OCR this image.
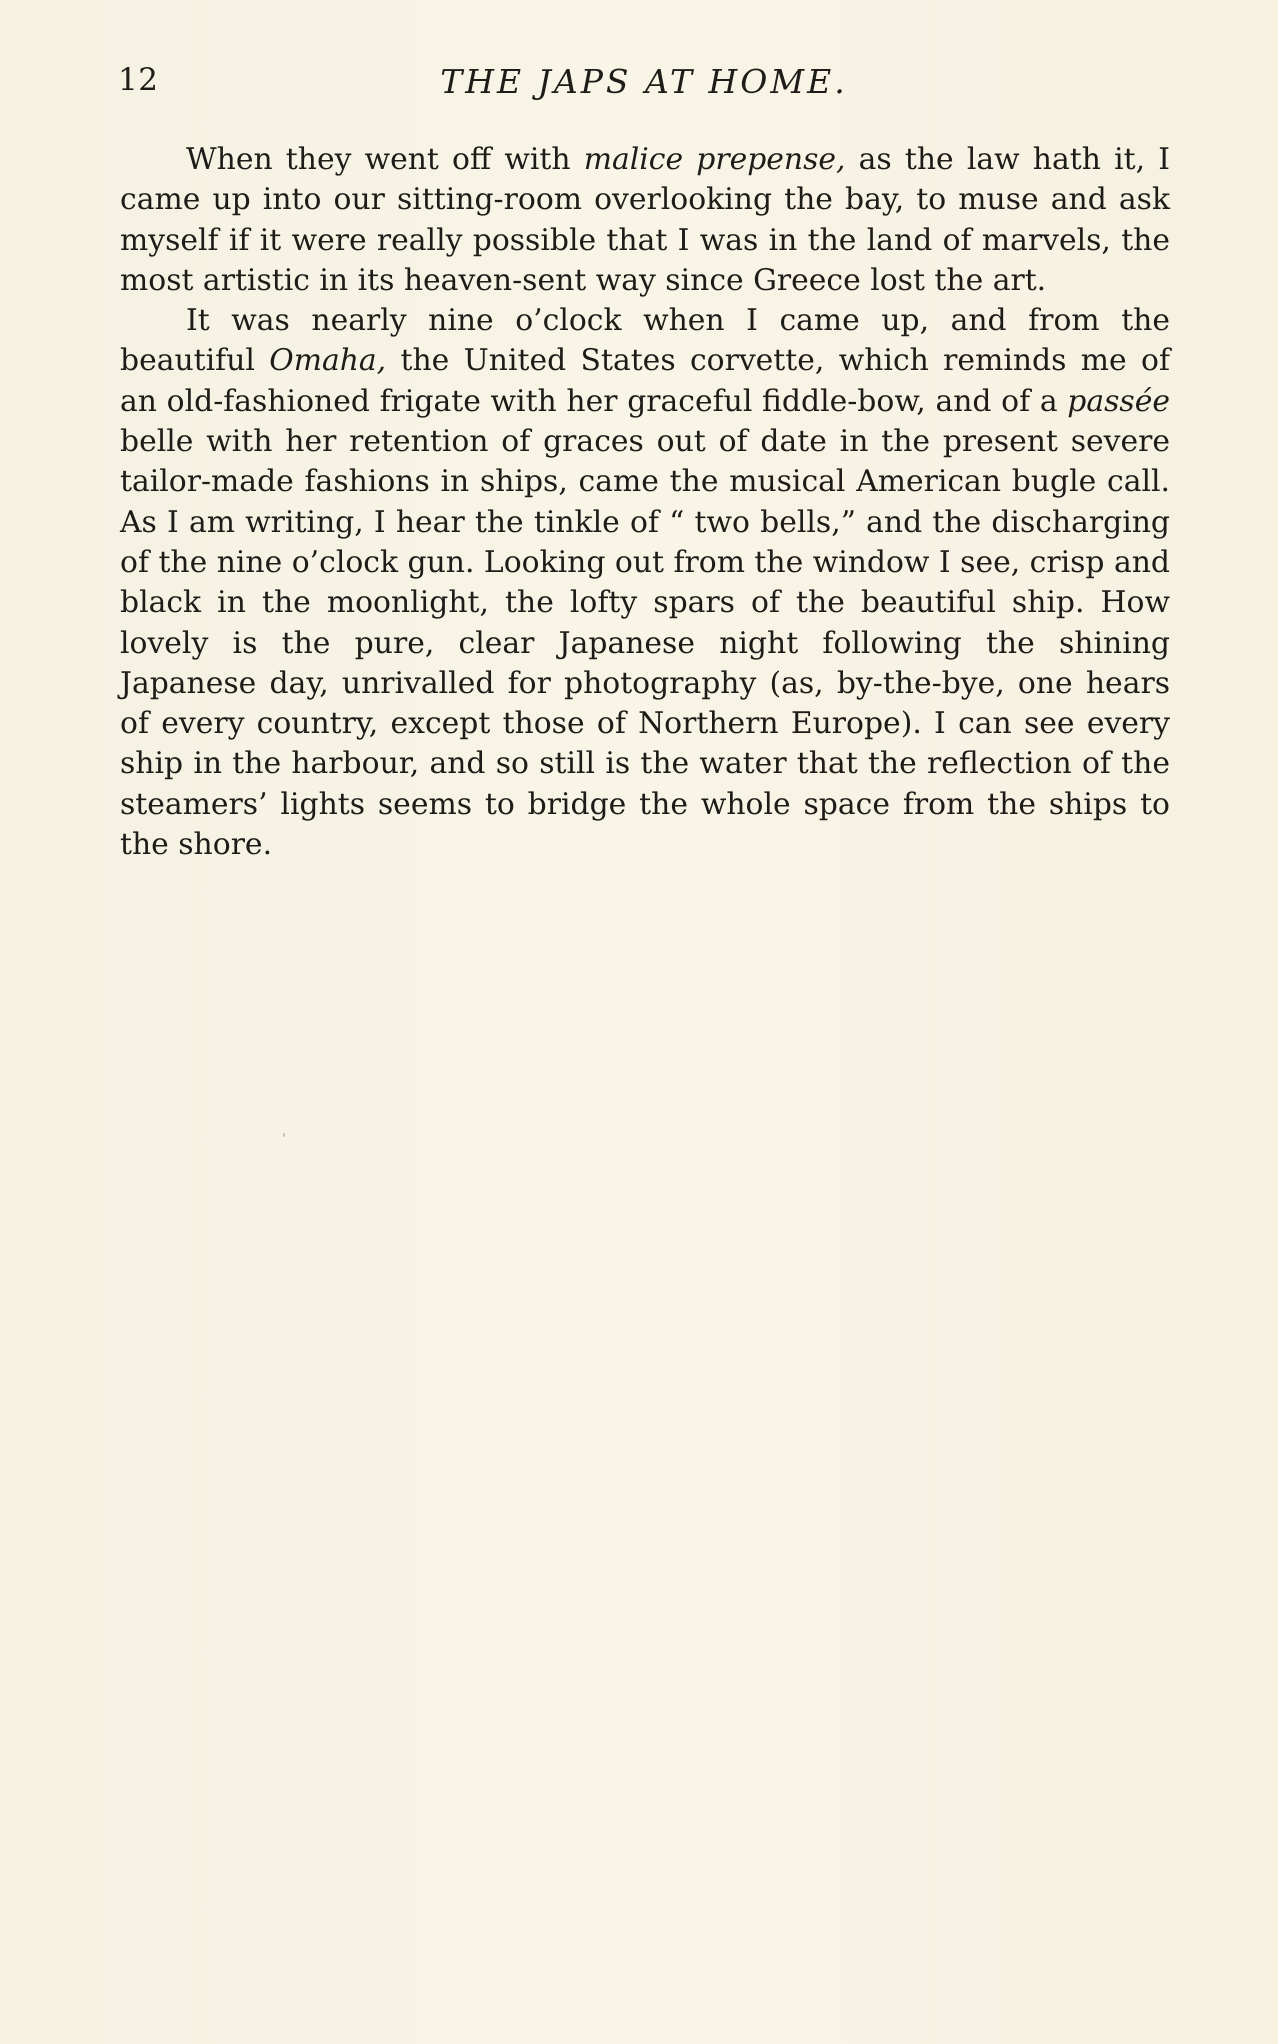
12	THE JAPS AT HOME.

When they went off with malice prepense, as the law hath it, I came up into our sitting-room overlooking the bay, to muse and ask myself if it were really possible that I was in the land of marvels, the most artistic in its heaven-sent way since Greece lost the art.

It was nearly nine o’clock when I came up, and from the beautiful Omaha, the United States corvette, which reminds me of an old-fashioned frigate with her graceful fiddle-bow, and of a passée belle with her retention of graces out of date in the present severe tailor-made fashions in ships, came the musical American bugle call. As I am writing, I hear the tinkle of “ two bells,” and the discharging of the nine o’clock gun. Looking out from the window I see, crisp and black in the moonlight, the lofty spars of the beautiful ship. How lovely is the pure, clear Japanese night following the shining Japanese day, unrivalled for photography (as, by-the-bye, one hears of every country, except those of Northern Europe). I can see every ship in the harbour, and so still is the water that the reflection of the steamers’ lights seems to bridge the whole space from the ships to the shore.
